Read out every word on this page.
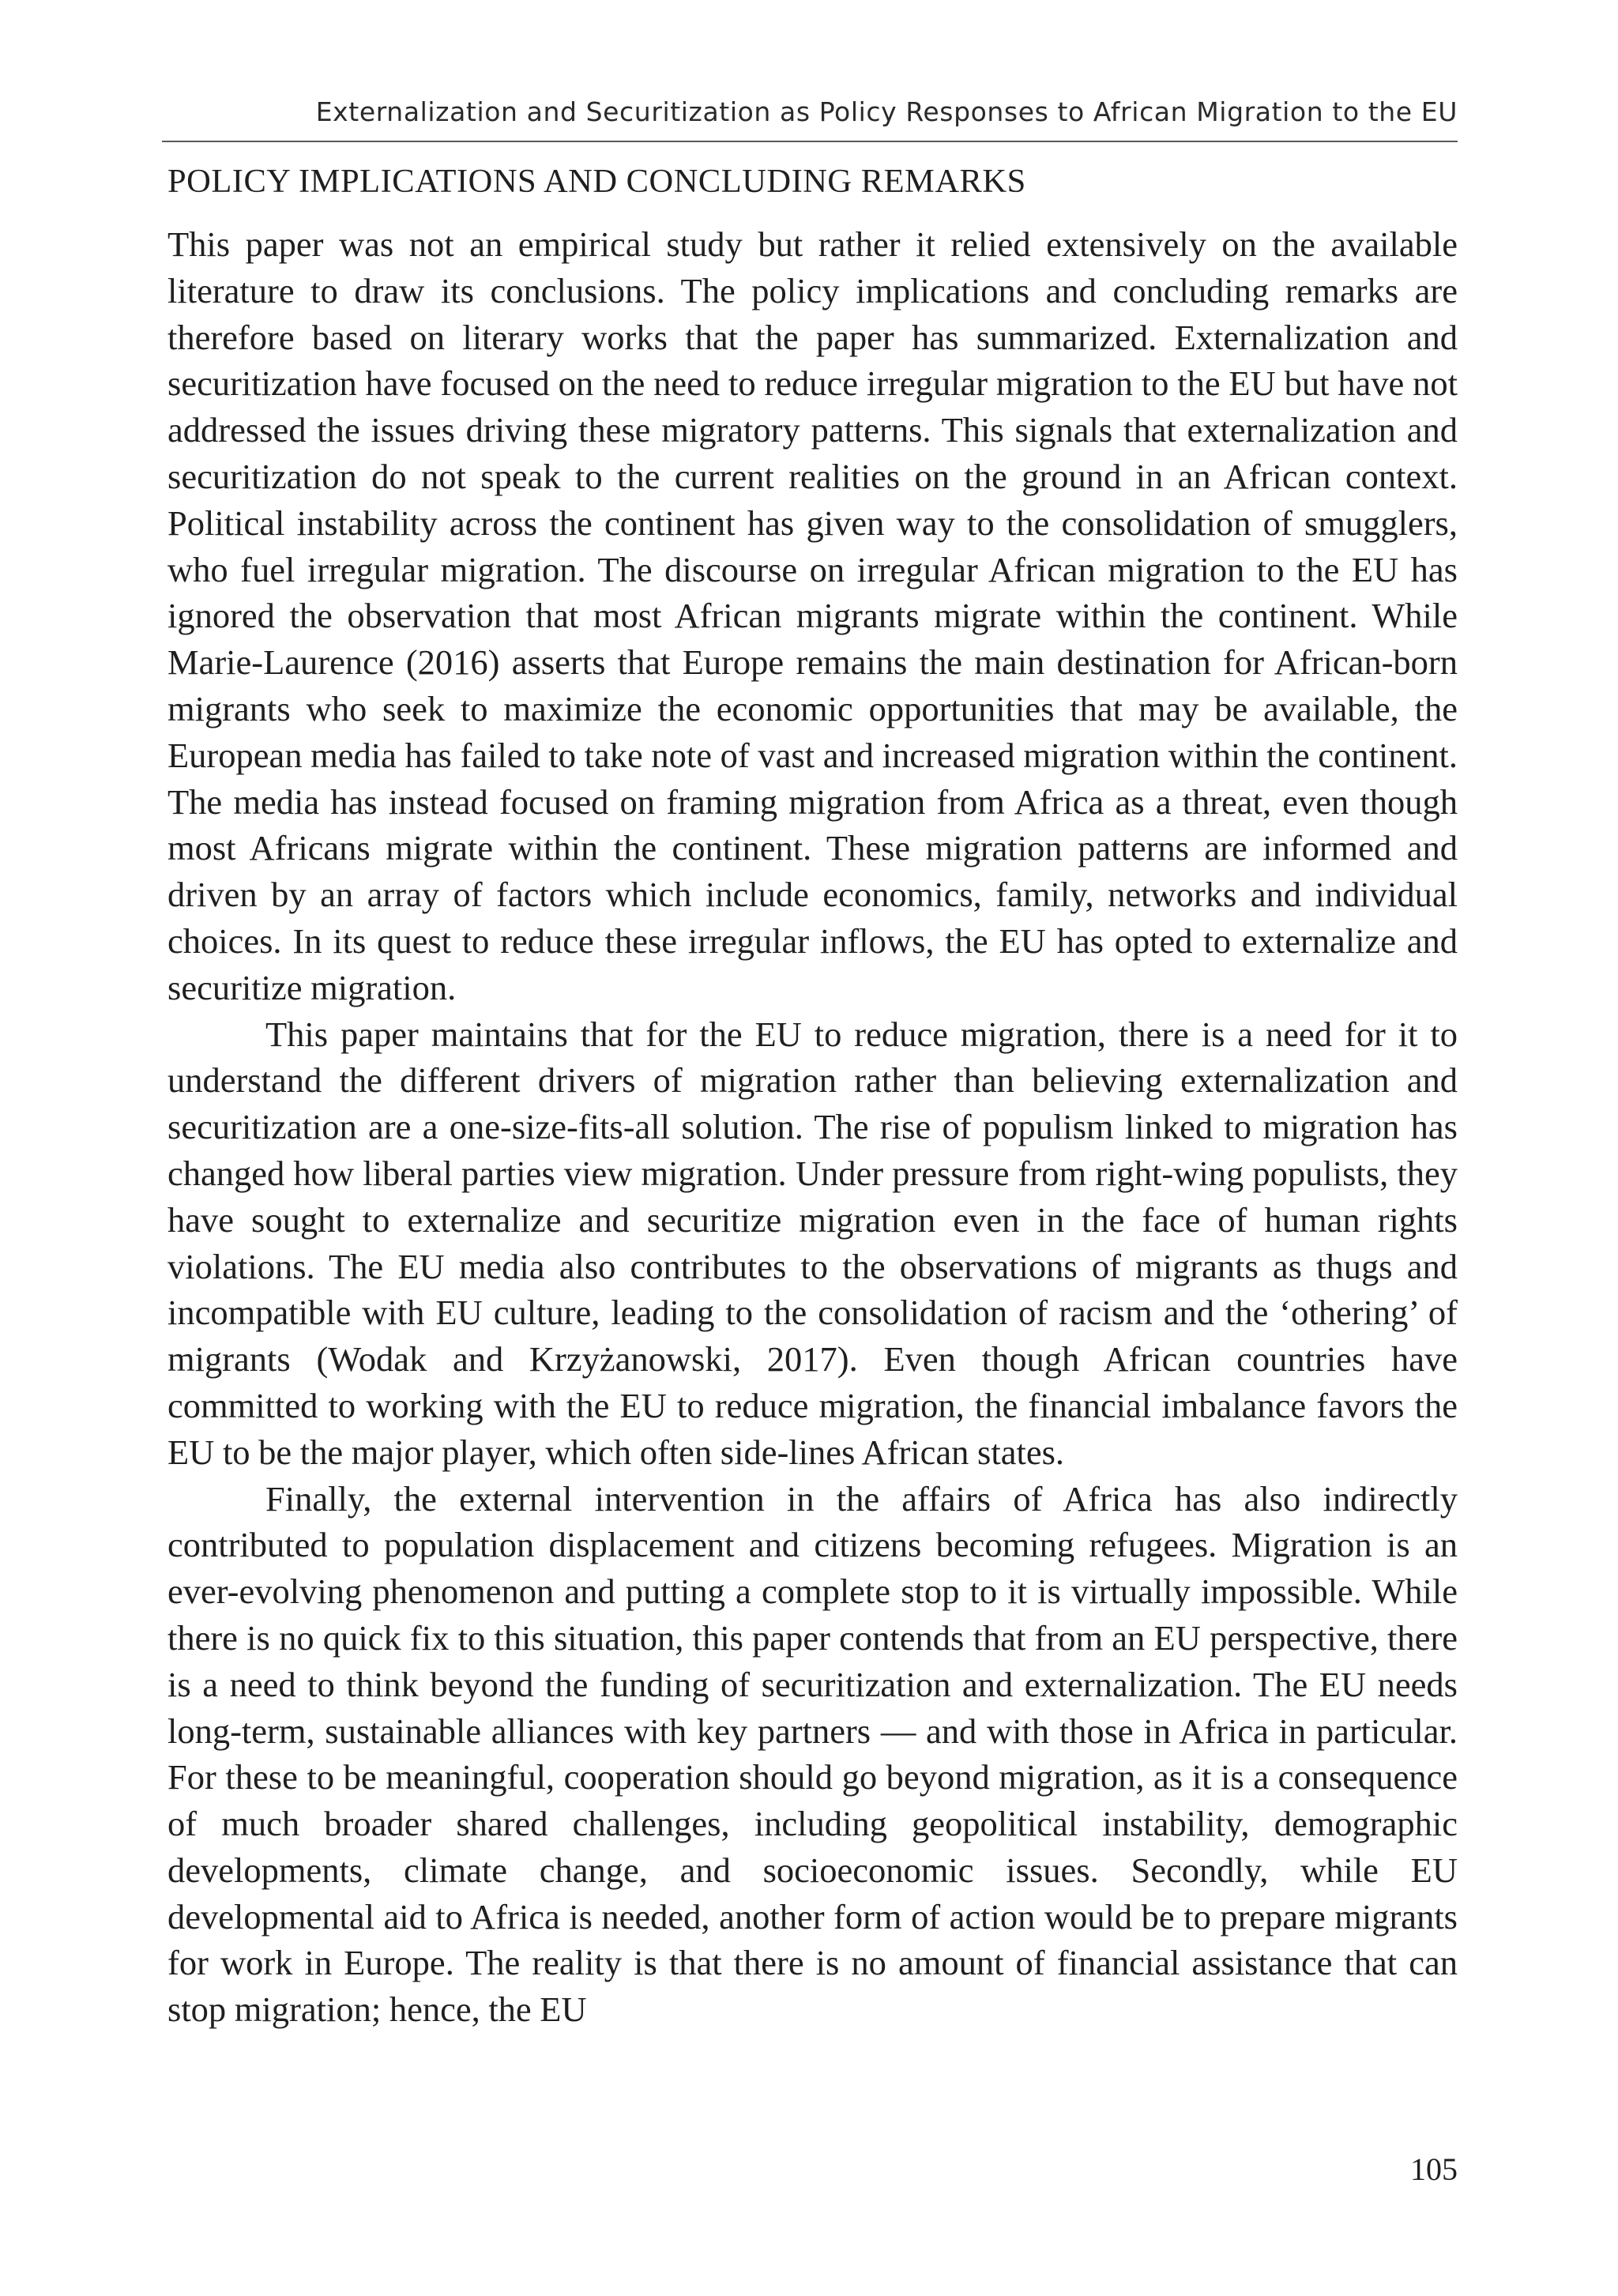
Externalization and Securitization as Policy Responses to African Migration to the EU
POLICY IMPLICATIONS AND CONCLUDING REMARKS

This paper was not an empirical study but rather it relied extensively on the available literature to draw its conclusions. The policy implications and concluding remarks are therefore based on literary works that the paper has summarized. Externalization and securitization have focused on the need to reduce irregular migration to the EU but have not addressed the issues driving these migratory patterns. This signals that externalization and securitization do not speak to the current realities on the ground in an African context. Political instability across the continent has given way to the consolidation of smugglers, who fuel irregular migration. The discourse on irregular African migration to the EU has ignored the observation that most African migrants migrate within the continent. While Marie-Laurence (2016) asserts that Europe remains the main destination for African-born migrants who seek to maximize the economic opportunities that may be available, the European media has failed to take note of vast and increased migration within the continent. The media has instead focused on framing migration from Africa as a threat, even though most Africans migrate within the continent. These migration patterns are informed and driven by an array of factors which include economics, family, networks and individual choices. In its quest to reduce these irregular inflows, the EU has opted to externalize and securitize migration.

This paper maintains that for the EU to reduce migration, there is a need for it to understand the different drivers of migration rather than believing externalization and securitization are a one-size-fits-all solution. The rise of populism linked to migration has changed how liberal parties view migration. Under pressure from right-wing populists, they have sought to externalize and securitize migration even in the face of human rights violations. The EU media also contributes to the observations of migrants as thugs and incompatible with EU culture, leading to the consolidation of racism and the ‘othering’ of migrants (Wodak and Krzyżanowski, 2017). Even though African countries have committed to working with the EU to reduce migration, the financial imbalance favors the EU to be the major player, which often side-lines African states.

Finally, the external intervention in the affairs of Africa has also indirectly contributed to population displacement and citizens becoming refugees. Migration is an ever-evolving phenomenon and putting a complete stop to it is virtually impossible. While there is no quick fix to this situation, this paper contends that from an EU perspective, there is a need to think beyond the funding of securitization and externalization. The EU needs long-term, sustainable alliances with key partners — and with those in Africa in particular. For these to be meaningful, cooperation should go beyond migration, as it is a consequence of much broader shared challenges, including geopolitical instability, demographic developments, climate change, and socioeconomic issues. Secondly, while EU developmental aid to Africa is needed, another form of action would be to prepare migrants for work in Europe. The reality is that there is no amount of financial assistance that can stop migration; hence, the EU

105
